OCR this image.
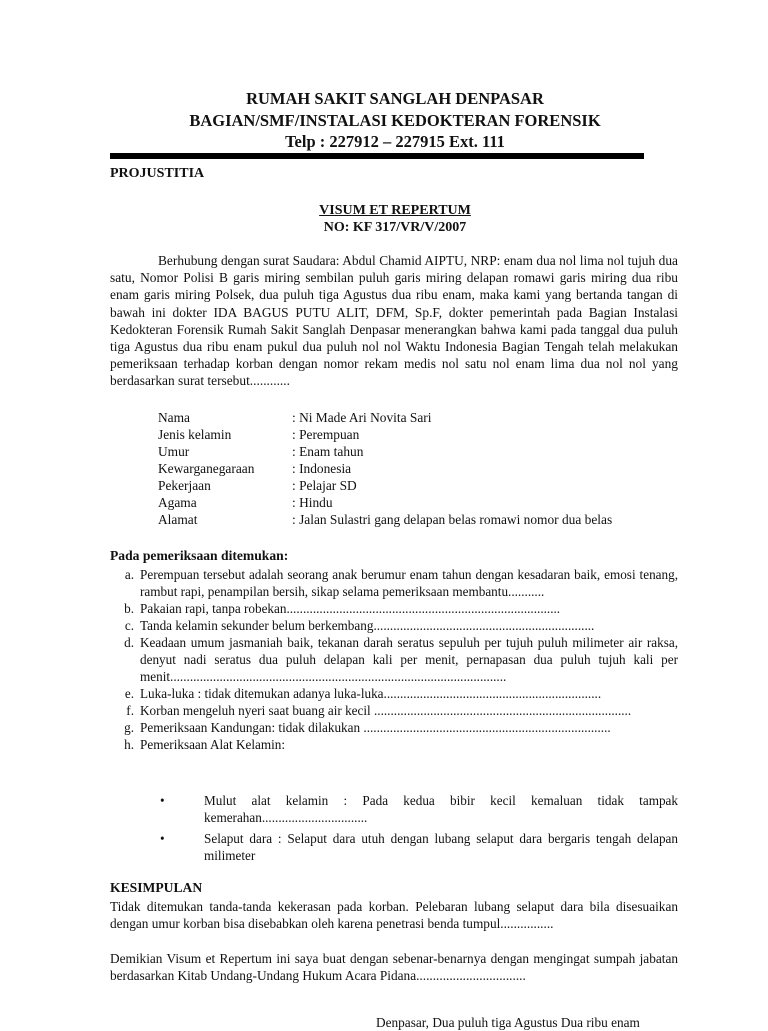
RUMAH SAKIT SANGLAH DENPASAR
BAGIAN/SMF/INSTALASI KEDOKTERAN FORENSIK
Telp : 227912 – 227915 Ext. 111
PROJUSTITIA
VISUM ET REPERTUM
NO: KF 317/VR/V/2007

Berhubung dengan surat Saudara: Abdul Chamid AIPTU, NRP: enam dua nol lima nol tujuh dua satu, Nomor Polisi B garis miring sembilan puluh garis miring delapan romawi garis miring dua ribu enam garis miring Polsek, dua puluh tiga Agustus dua ribu enam, maka kami yang bertanda tangan di bawah ini dokter IDA BAGUS PUTU ALIT, DFM, Sp.F, dokter pemerintah pada Bagian Instalasi Kedokteran Forensik Rumah Sakit Sanglah Denpasar menerangkan bahwa kami pada tanggal dua puluh tiga Agustus dua ribu enam pukul dua puluh nol nol Waktu Indonesia Bagian Tengah telah melakukan pemeriksaan terhadap korban dengan nomor rekam medis nol satu nol enam lima dua nol nol yang berdasarkan surat tersebut............

Nama	: Ni Made Ari Novita Sari
Jenis kelamin	: Perempuan
Umur	: Enam tahun
Kewarganegaraan	: Indonesia
Pekerjaan	: Pelajar SD
Agama	: Hindu
Alamat	: Jalan Sulastri gang delapan belas romawi nomor dua belas
Pada pemeriksaan ditemukan:
a. Perempuan tersebut adalah seorang anak berumur enam tahun dengan kesadaran baik, emosi tenang, rambut rapi, penampilan bersih, sikap selama pemeriksaan membantu...........
b. Pakaian rapi, tanpa robekan...................................................................................
c. Tanda kelamin sekunder belum berkembang...................................................................
d. Keadaan umum jasmaniah baik, tekanan darah seratus sepuluh per tujuh puluh milimeter air raksa, denyut nadi seratus dua puluh delapan kali per menit, pernapasan dua puluh tujuh kali per menit......................................................................................................
e. Luka-luka : tidak ditemukan adanya luka-luka..................................................................
f. Korban mengeluh nyeri saat buang air kecil ..............................................................................
g. Pemeriksaan Kandungan: tidak dilakukan ...........................................................................
h. Pemeriksaan Alat Kelamin:
•	Mulut alat kelamin : Pada kedua bibir kecil kemaluan tidak tampak kemerahan................................
•	Selaput dara : Selaput dara utuh dengan lubang selaput dara bergaris tengah delapan milimeter
KESIMPULAN

Tidak ditemukan tanda-tanda kekerasan pada korban. Pelebaran lubang selaput dara bila disesuaikan dengan umur korban bisa disebabkan oleh karena penetrasi benda tumpul................

Demikian Visum et Repertum ini saya buat dengan sebenar-benarnya dengan mengingat sumpah jabatan berdasarkan Kitab Undang-Undang Hukum Acara Pidana.................................

Denpasar, Dua puluh tiga Agustus Dua ribu enam
